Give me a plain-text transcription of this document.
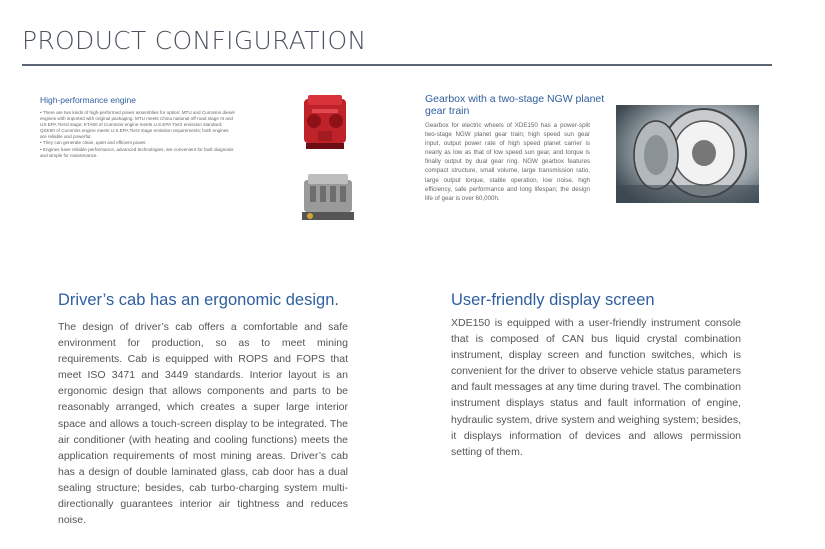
PRODUCT CONFIGURATION
High-performance engine

• There are two kinds of high-performed power assemblies for option: MTU and Cummins diesel engines with imported with original packaging. MTU meets China national off-road stage III and US EPA Tier4i stage; KTA60 of Cummins engine meets U.S.EPA Tier2 emission standard; QSK60 of Cummins engine meets U.S.EPA Tier2 stage emission requirements; both engines are reliable and powerful.

• They can generate clean, quiet and efficient power.

• Engines have reliable performance, advanced technologies, are convenient for fault diagnosis and simple for maintenance.

Gearbox with a two-stage NGW planet gear train
Gearbox for electric wheels of XDE150 has a power-split two-stage NGW planet gear train; high speed sun gear input, output power rate of high speed planet carrier is nearly as low as that of low speed sun gear, and torque is finally output by dual gear ring. NGW gearbox features compact structure, small volume, large transmission ratio, large output torque, stable operation, low noise, high efficiency, safe performance and long lifespan; the design life of gear is over 60,000h.
Driver’s cab has an ergonomic design.
The design of driver’s cab offers a comfortable and safe environment for production, so as to meet mining requirements. Cab is equipped with ROPS and FOPS that meet ISO 3471 and 3449 standards. Interior layout is an ergonomic design that allows components and parts to be reasonably arranged, which creates a super large interior space and allows a touch-screen display to be integrated. The air conditioner (with heating and cooling functions) meets the application requirements of most mining areas. Driver’s cab has a design of double laminated glass, cab door has a dual sealing structure; besides, cab turbo-charging system multi-directionally guarantees interior air tightness and reduces noise.
User-friendly display screen
XDE150 is equipped with a user-friendly instrument console that is composed of CAN bus liquid crystal combination instrument, display screen and function switches, which is convenient for the driver to observe vehicle status parameters and fault messages at any time during travel. The combination instrument displays status and fault information of engine, hydraulic system, drive system and weighing system; besides, it displays information of devices and allows permission setting of them.
